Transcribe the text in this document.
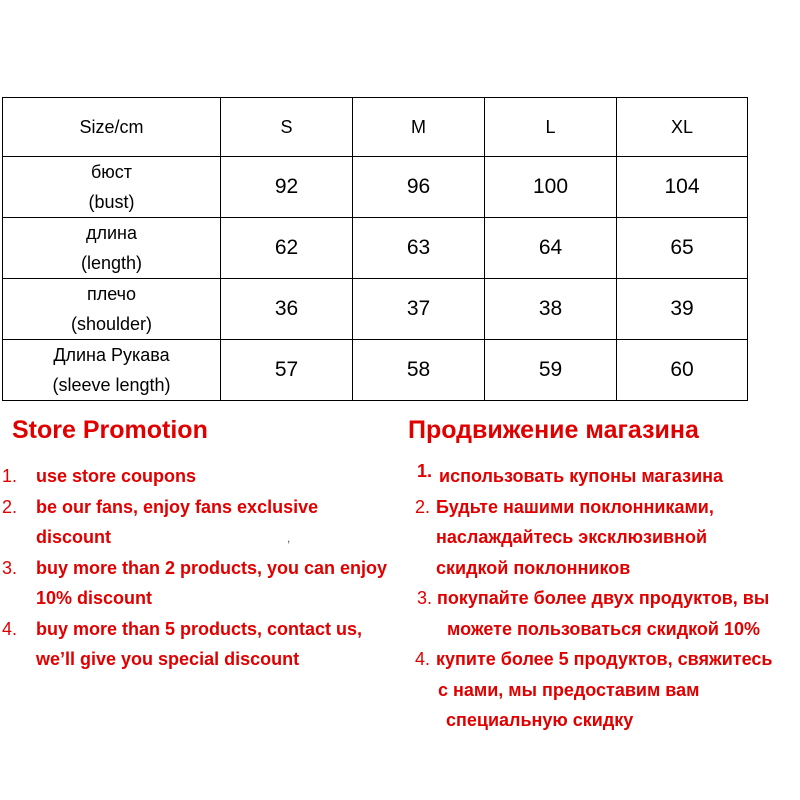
Size/cm	S	M	L	XL

бюст
(bust)	92	96	100	104

длина
(length)	62	63	64	65

плечо
(shoulder)	36	37	38	39

Длина Рукава
(sleeve length)	57	58	59	60
Store Promotion	Продвижение магазина
1.	use store coupons
2.	be our fans, enjoy fans exclusive
discount
3.	buy more than 2 products, you can enjoy
10% discount
4.	buy more than 5 products, contact us,
we’ll give you special discount
,
1. использовать купоны магазина
2. Будьте нашими поклонниками,
наслаждайтесь эксклюзивной
скидкой поклонников
3. покупайте более двух продуктов, вы
можете пользоваться скидкой 10%
4. купите более 5 продуктов, свяжитесь
с нами, мы предоставим вам
специальную скидку
